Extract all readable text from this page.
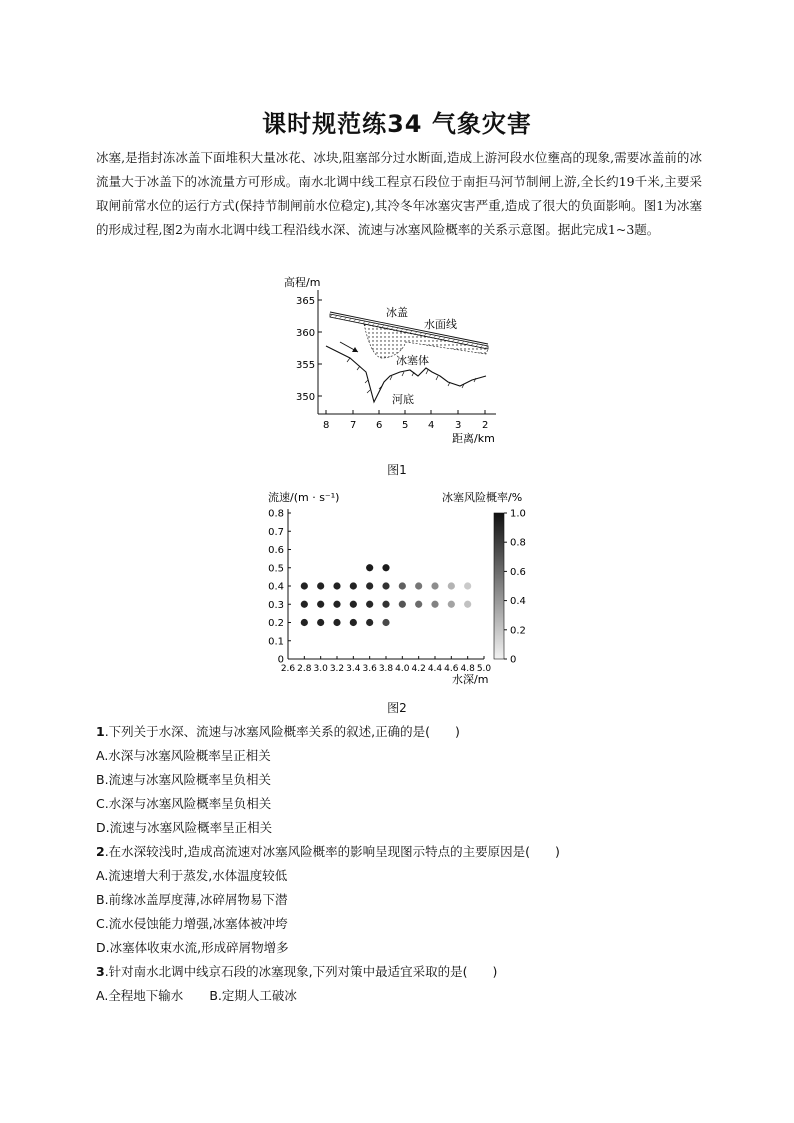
课时规范练34 气象灾害
冰塞,是指封冻冰盖下面堆积大量冰花、冰块,阻塞部分过水断面,造成上游河段水位壅高的现象,需要冰盖前的冰流量大于冰盖下的冰流量方可形成。南水北调中线工程京石段位于南拒马河节制闸上游,全长约19千米,主要采取闸前常水位的运行方式(保持节制闸前水位稳定),其冷冬年冰塞灾害严重,造成了很大的负面影响。图1为冰塞的形成过程,图2为南水北调中线工程沿线水深、流速与冰塞风险概率的关系示意图。据此完成1~3题。
高程/m
365
360
355
350
8 7 6 5 4 3 2
距离/km
冰盖
水面线
冰塞体
河底
图1
流速/(m · s⁻¹)	冰塞风险概率/%
0.8
0.7
0.6
0.5
0.4
0.3
0.2
0.1
0
2.6 2.8 3.0 3.2 3.4 3.6 3.8 4.0 4.2 4.4 4.6 4.8 5.0
水深/m
1.0
0.8
0.6
0.4
0.2
0
图2
1.下列关于水深、流速与冰塞风险概率关系的叙述,正确的是(　　)
A.水深与冰塞风险概率呈正相关
B.流速与冰塞风险概率呈负相关
C.水深与冰塞风险概率呈负相关
D.流速与冰塞风险概率呈正相关
2.在水深较浅时,造成高流速对冰塞风险概率的影响呈现图示特点的主要原因是(　　)
A.流速增大利于蒸发,水体温度较低
B.前缘冰盖厚度薄,冰碎屑物易下潜
C.流水侵蚀能力增强,冰塞体被冲垮
D.冰塞体收束水流,形成碎屑物增多
3.针对南水北调中线京石段的冰塞现象,下列对策中最适宜采取的是(　　)
A.全程地下输水 B.定期人工破冰
